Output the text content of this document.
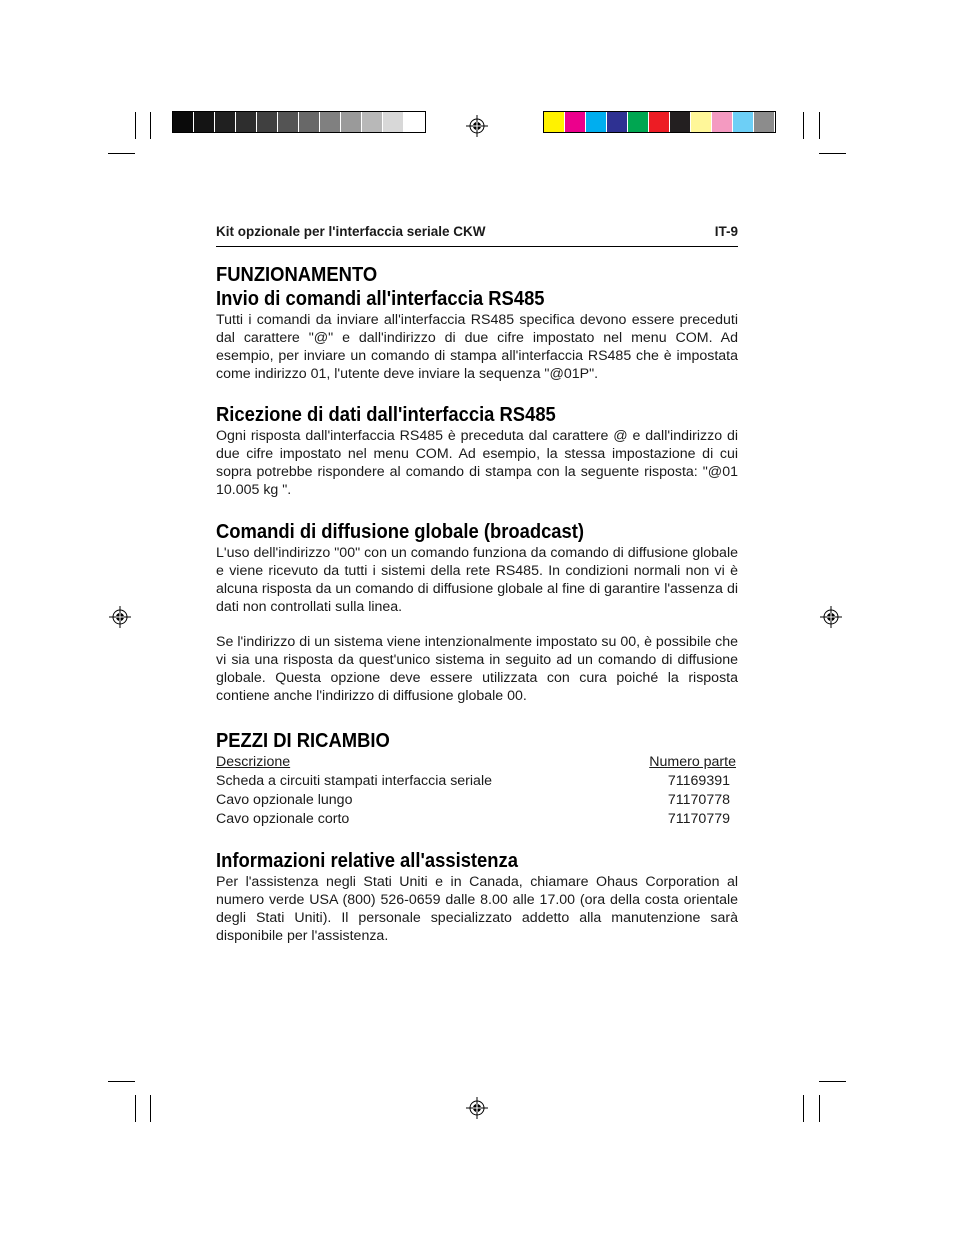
Kit opzionale per l'interfaccia seriale CKW	IT-9
FUNZIONAMENTO
Invio di comandi all'interfaccia RS485

Tutti i comandi da inviare all'interfaccia RS485 specifica devono essere preceduti dal carattere "@" e dall'indirizzo di due cifre impostato nel menu COM. Ad esempio, per inviare un comando di stampa all'interfaccia RS485 che è impostata come indirizzo 01, l'utente deve inviare la sequenza "@01P".

Ricezione di dati dall'interfaccia RS485

Ogni risposta dall'interfaccia RS485 è preceduta dal carattere @ e dall'indirizzo di due cifre impostato nel menu COM. Ad esempio, la stessa impostazione di cui sopra potrebbe rispondere al comando di stampa con la seguente risposta: "@01 10.005 kg ".

Comandi di diffusione globale (broadcast)

L'uso dell'indirizzo "00" con un comando funziona da comando di diffusione globale e viene ricevuto da tutti i sistemi della rete RS485. In condizioni normali non vi è alcuna risposta da un comando di diffusione globale al fine di garantire l'assenza di dati non controllati sulla linea.

Se l'indirizzo di un sistema viene intenzionalmente impostato su 00, è possibile che vi sia una risposta da quest'unico sistema in seguito ad un comando di diffusione globale. Questa opzione deve essere utilizzata con cura poiché la risposta contiene anche l'indirizzo di diffusione globale 00.

PEZZI DI RICAMBIO
Descrizione	Numero parte
Scheda a circuiti stampati interfaccia seriale	71169391
Cavo opzionale lungo	71170778
Cavo opzionale corto	71170779
Informazioni relative all'assistenza

Per l'assistenza negli Stati Uniti e in Canada, chiamare Ohaus Corporation al numero verde USA (800) 526-0659 dalle 8.00 alle 17.00 (ora della costa orientale degli Stati Uniti). Il personale specializzato addetto alla manutenzione sarà disponibile per l'assistenza.
